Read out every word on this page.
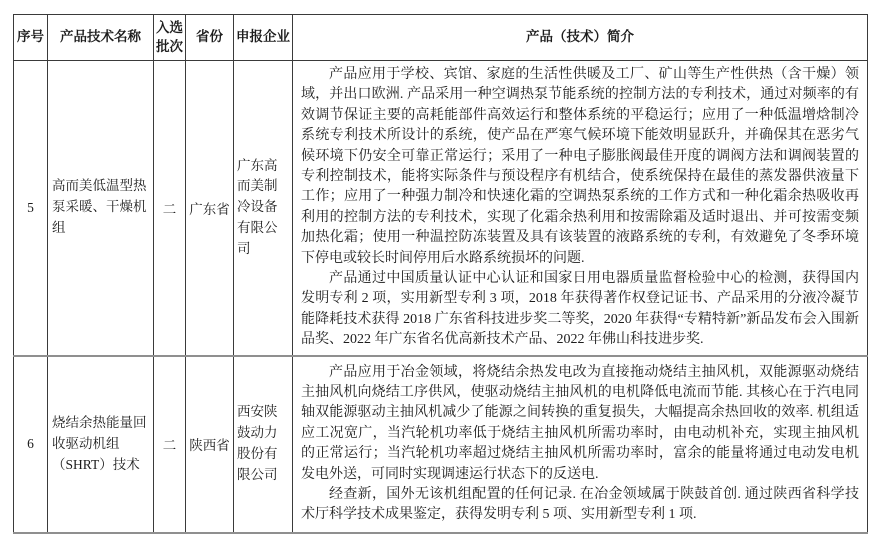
序号	产品技术名称	入选批次	省份	申报企业	产品（技术）简介
5	高而美低温型热泵采暖、干燥机组	二	广东省	广东高而美制冷设备有限公司	产品应用于学校、宾馆、家庭的生活性供暖及工厂、矿山等生产性供热（含干燥）领域，并出口欧洲. 产品采用一种空调热泵节能系统的控制方法的专利技术，通过对频率的有效调节保证主要的高耗能部件高效运行和整体系统的平稳运行；应用了一种低温增焓制冷系统专利技术所设计的系统，使产品在严寒气候环境下能效明显跃升，并确保其在恶劣气候环境下仍安全可靠正常运行；采用了一种电子膨胀阀最佳开度的调阀方法和调阀装置的专利控制技术，能将实际条件与预设程序有机结合，使系统保持在最佳的蒸发器供液量下工作；应用了一种强力制冷和快速化霜的空调热泵系统的工作方式和一种化霜余热吸收再利用的控制方法的专利技术，实现了化霜余热利用和按需除霜及适时退出、并可按需变频加热化霜；使用一种温控防冻装置及具有该装置的液路系统的专利，有效避免了冬季环境下停电或较长时间停用后水路系统损坏的问题.

产品通过中国质量认证中心认证和国家日用电器质量监督检验中心的检测，获得国内发明专利 2 项，实用新型专利 3 项，2018 年获得著作权登记证书、产品采用的分液冷凝节能降耗技术获得 2018 广东省科技进步奖二等奖，2020 年获得“专精特新”新品发布会入围新品奖、2022 年广东省名优高新技术产品、2022 年佛山科技进步奖.

6	烧结余热能量回收驱动机组（SHRT）技术	二	陕西省	西安陕鼓动力股份有限公司	产品应用于冶金领域，将烧结余热发电改为直接拖动烧结主抽风机，双能源驱动烧结主抽风机向烧结工序供风，使驱动烧结主抽风机的电机降低电流而节能. 其核心在于汽电同轴双能源驱动主抽风机减少了能源之间转换的重复损失，大幅提高余热回收的效率. 机组适应工况宽广，当汽轮机功率低于烧结主抽风机所需功率时，由电动机补充，实现主抽风机的正常运行；当汽轮机功率超过烧结主抽风机所需功率时，富余的能量将通过电动发电机发电外送，可同时实现调速运行状态下的反送电.

经查新，国外无该机组配置的任何记录. 在冶金领域属于陕鼓首创. 通过陕西省科学技术厅科学技术成果鉴定，获得发明专利 5 项、实用新型专利 1 项.
